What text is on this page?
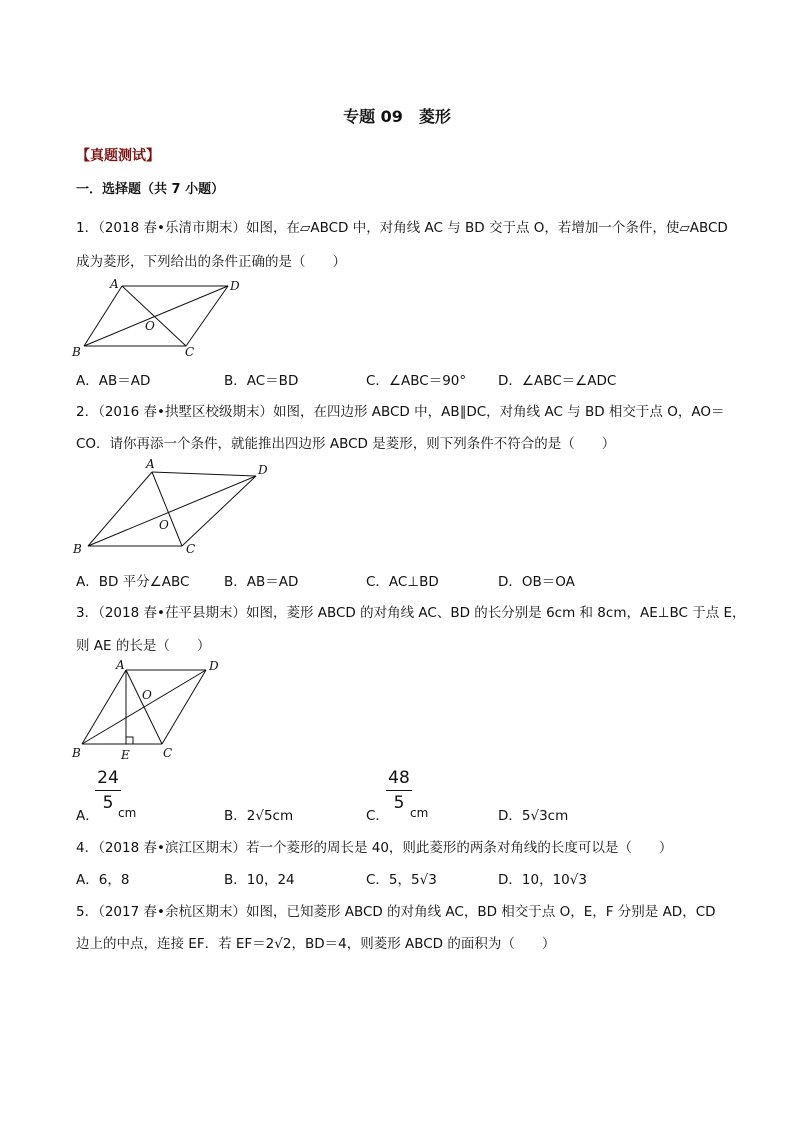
专题 09　菱形
【真题测试】
一．选择题（共 7 小题）
1．（2018 春•乐清市期末）如图，在▱ABCD 中，对角线 AC 与 BD 交于点 O，若增加一个条件，使▱ABCD
成为菱形，下列给出的条件正确的是（　　）
A	D
O
B	C
A．AB＝AD	B．AC＝BD	C．∠ABC＝90° D．∠ABC＝∠ADC
2．（2016 春•拱墅区校级期末）如图，在四边形 ABCD 中，AB∥DC，对角线 AC 与 BD 相交于点 O，AO＝
CO．请你再添一个条件，就能推出四边形 ABCD 是菱形，则下列条件不符合的是（　　）
A	D
O
B	C
A．BD 平分∠ABC	B．AB＝AD	C．AC⊥BD	D．OB＝OA
3．（2018 春•茌平县期末）如图，菱形 ABCD 的对角线 AC、BD 的长分别是 6cm 和 8cm，AE⊥BC 于点 E，
则 AE 的长是（　　）
A	D
O
B	E	C
A．
24
5 cm	B．2√5cm	C．
48
5 cm	D．5√3cm
4．（2018 春•滨江区期末）若一个菱形的周长是 40，则此菱形的两条对角线的长度可以是（　　）
A．6，8	B．10，24	C．5，5√3	D．10，10√3
5．（2017 春•余杭区期末）如图，已知菱形 ABCD 的对角线 AC，BD 相交于点 O，E，F 分别是 AD，CD
边上的中点，连接 EF．若 EF＝2√2，BD＝4，则菱形 ABCD 的面积为（　　）
